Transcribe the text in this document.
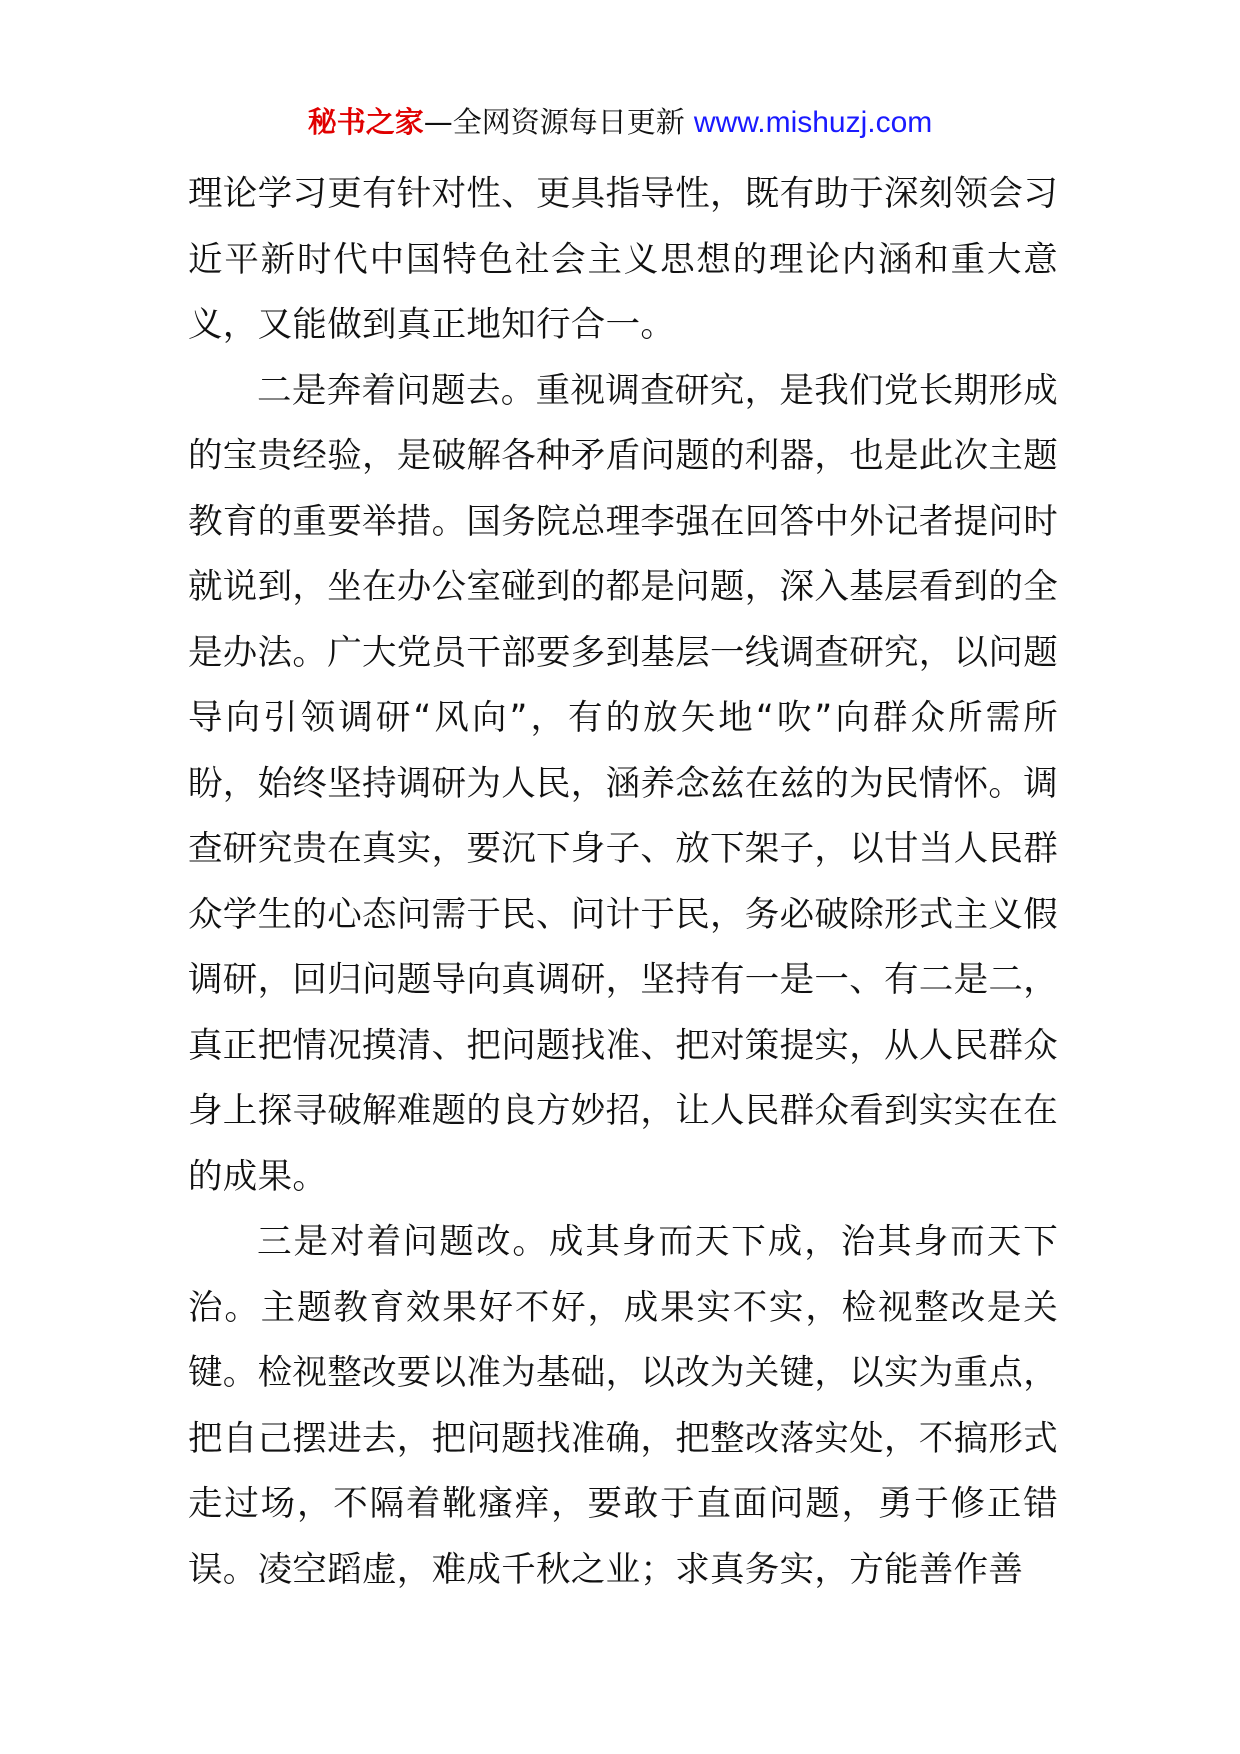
秘书之家—全网资源每日更新 www.mishuzj.com

理论学习更有针对性、更具指导性，既有助于深刻领会习近平新时代中国特色社会主义思想的理论内涵和重大意义，又能做到真正地知行合一。

二是奔着问题去。重视调查研究，是我们党长期形成的宝贵经验，是破解各种矛盾问题的利器，也是此次主题教育的重要举措。国务院总理李强在回答中外记者提问时就说到，坐在办公室碰到的都是问题，深入基层看到的全是办法。广大党员干部要多到基层一线调查研究，以问题导向引领调研“风向”，有的放矢地“吹”向群众所需所盼，始终坚持调研为人民，涵养念兹在兹的为民情怀。调查研究贵在真实，要沉下身子、放下架子，以甘当人民群众学生的心态问需于民、问计于民，务必破除形式主义假调研，回归问题导向真调研，坚持有一是一、有二是二，真正把情况摸清、把问题找准、把对策提实，从人民群众身上探寻破解难题的良方妙招，让人民群众看到实实在在的成果。

三是对着问题改。成其身而天下成，治其身而天下治。主题教育效果好不好，成果实不实，检视整改是关键。检视整改要以准为基础，以改为关键，以实为重点，把自己摆进去，把问题找准确，把整改落实处，不搞形式走过场，不隔着靴瘙痒，要敢于直面问题，勇于修正错误。凌空蹈虚，难成千秋之业；求真务实，方能善作善
